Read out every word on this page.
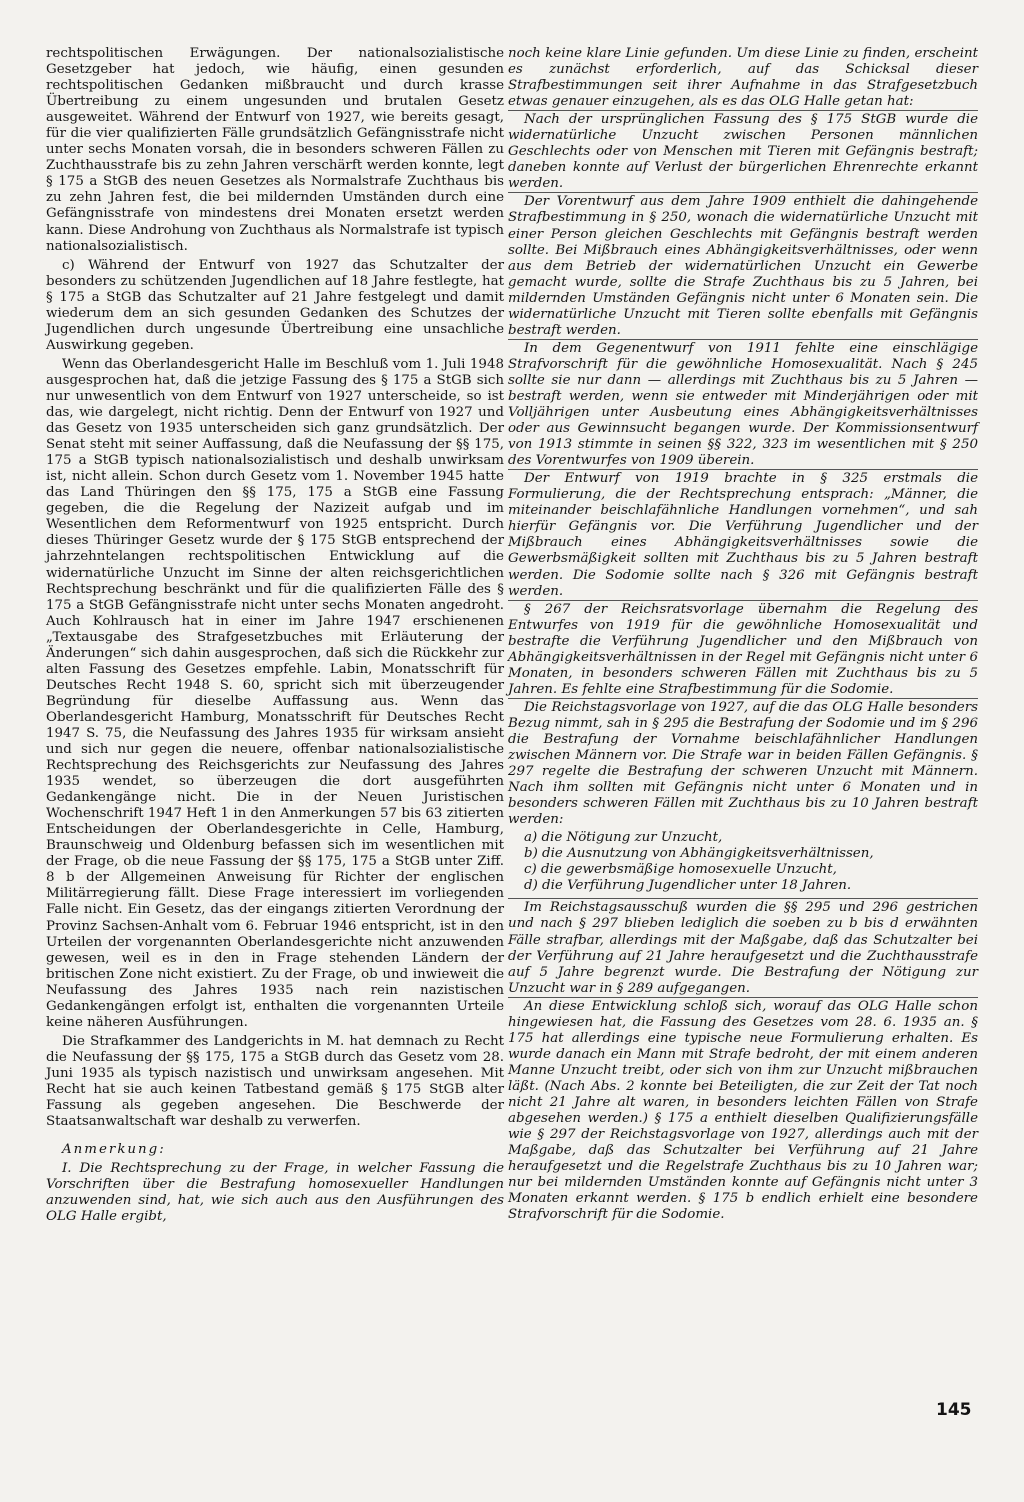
rechtspolitischen Erwägungen. Der nationalsozialistische Gesetzgeber hat jedoch, wie häufig, einen gesunden rechtspolitischen Gedanken mißbraucht und durch krasse Übertreibung zu einem ungesunden und brutalen Gesetz ausgeweitet. Während der Entwurf von 1927, wie bereits gesagt, für die vier qualifizierten Fälle grundsätzlich Gefängnisstrafe nicht unter sechs Monaten vorsah, die in besonders schweren Fällen zu Zuchthausstrafe bis zu zehn Jahren verschärft werden konnte, legt § 175 a StGB des neuen Gesetzes als Normalstrafe Zuchthaus bis zu zehn Jahren fest, die bei mildernden Umständen durch eine Gefängnisstrafe von mindestens drei Monaten ersetzt werden kann. Diese Androhung von Zuchthaus als Normalstrafe ist typisch nationalsozialistisch.

c) Während der Entwurf von 1927 das Schutzalter der besonders zu schützenden Jugendlichen auf 18 Jahre festlegte, hat § 175 a StGB das Schutzalter auf 21 Jahre festgelegt und damit wiederum dem an sich gesunden Gedanken des Schutzes der Jugendlichen durch ungesunde Übertreibung eine unsachliche Auswirkung gegeben.

Wenn das Oberlandesgericht Halle im Beschluß vom 1. Juli 1948 ausgesprochen hat, daß die jetzige Fassung des § 175 a StGB sich nur unwesentlich von dem Entwurf von 1927 unterscheide, so ist das, wie dargelegt, nicht richtig. Denn der Entwurf von 1927 und das Gesetz von 1935 unterscheiden sich ganz grundsätzlich. Der Senat steht mit seiner Auffassung, daß die Neufassung der §§ 175, 175 a StGB typisch nationalsozialistisch und deshalb unwirksam ist, nicht allein. Schon durch Gesetz vom 1. November 1945 hatte das Land Thüringen den §§ 175, 175 a StGB eine Fassung gegeben, die die Regelung der Nazizeit aufgab und im Wesentlichen dem Reformentwurf von 1925 entspricht. Durch dieses Thüringer Gesetz wurde der § 175 StGB entsprechend der jahrzehntelangen rechtspolitischen Entwicklung auf die widernatürliche Unzucht im Sinne der alten reichsgerichtlichen Rechtsprechung beschränkt und für die qualifizierten Fälle des § 175 a StGB Gefängnisstrafe nicht unter sechs Monaten angedroht. Auch Kohlrausch hat in einer im Jahre 1947 erschienenen „Textausgabe des Strafgesetzbuches mit Erläuterung der Änderungen“ sich dahin ausgesprochen, daß sich die Rückkehr zur alten Fassung des Gesetzes empfehle. Labin, Monatsschrift für Deutsches Recht 1948 S. 60, spricht sich mit überzeugender Begründung für dieselbe Auffassung aus. Wenn das Oberlandesgericht Hamburg, Monatsschrift für Deutsches Recht 1947 S. 75, die Neufassung des Jahres 1935 für wirksam ansieht und sich nur gegen die neuere, offenbar nationalsozialistische Rechtsprechung des Reichsgerichts zur Neufassung des Jahres 1935 wendet, so überzeugen die dort ausgeführten Gedankengänge nicht. Die in der Neuen Juristischen Wochenschrift 1947 Heft 1 in den Anmerkungen 57 bis 63 zitierten Entscheidungen der Oberlandesgerichte in Celle, Hamburg, Braunschweig und Oldenburg befassen sich im wesentlichen mit der Frage, ob die neue Fassung der §§ 175, 175 a StGB unter Ziff. 8 b der Allgemeinen Anweisung für Richter der englischen Militärregierung fällt. Diese Frage interessiert im vorliegenden Falle nicht. Ein Gesetz, das der eingangs zitierten Verordnung der Provinz Sachsen-Anhalt vom 6. Februar 1946 entspricht, ist in den Urteilen der vorgenannten Oberlandesgerichte nicht anzuwenden gewesen, weil es in den in Frage stehenden Ländern der britischen Zone nicht existiert. Zu der Frage, ob und inwieweit die Neufassung des Jahres 1935 nach rein nazistischen Gedankengängen erfolgt ist, enthalten die vorgenannten Urteile keine näheren Ausführungen.

Die Strafkammer des Landgerichts in M. hat demnach zu Recht die Neufassung der §§ 175, 175 a StGB durch das Gesetz vom 28. Juni 1935 als typisch nazistisch und unwirksam angesehen. Mit Recht hat sie auch keinen Tatbestand gemäß § 175 StGB alter Fassung als gegeben angesehen. Die Beschwerde der Staatsanwaltschaft war deshalb zu verwerfen.

Anmerkung:

I. Die Rechtsprechung zu der Frage, in welcher Fassung die Vorschriften über die Bestrafung homosexueller Handlungen anzuwenden sind, hat, wie sich auch aus den Ausführungen des OLG Halle ergibt,

noch keine klare Linie gefunden. Um diese Linie zu finden, erscheint es zunächst erforderlich, auf das Schicksal dieser Strafbestimmungen seit ihrer Aufnahme in das Strafgesetzbuch etwas genauer einzugehen, als es das OLG Halle getan hat:

Nach der ursprünglichen Fassung des § 175 StGB wurde die widernatürliche Unzucht zwischen Personen männlichen Geschlechts oder von Menschen mit Tieren mit Gefängnis bestraft; daneben konnte auf Verlust der bürgerlichen Ehrenrechte erkannt werden.

Der Vorentwurf aus dem Jahre 1909 enthielt die dahingehende Strafbestimmung in § 250, wonach die widernatürliche Unzucht mit einer Person gleichen Geschlechts mit Gefängnis bestraft werden sollte. Bei Mißbrauch eines Abhängigkeitsverhältnisses, oder wenn aus dem Betrieb der widernatürlichen Unzucht ein Gewerbe gemacht wurde, sollte die Strafe Zuchthaus bis zu 5 Jahren, bei mildernden Umständen Gefängnis nicht unter 6 Monaten sein. Die widernatürliche Unzucht mit Tieren sollte ebenfalls mit Gefängnis bestraft werden.

In dem Gegenentwurf von 1911 fehlte eine einschlägige Strafvorschrift für die gewöhnliche Homosexualität. Nach § 245 sollte sie nur dann — allerdings mit Zuchthaus bis zu 5 Jahren — bestraft werden, wenn sie entweder mit Minderjährigen oder mit Volljährigen unter Ausbeutung eines Abhängigkeitsverhältnisses oder aus Gewinnsucht begangen wurde. Der Kommissionsentwurf von 1913 stimmte in seinen §§ 322, 323 im wesentlichen mit § 250 des Vorentwurfes von 1909 überein.

Der Entwurf von 1919 brachte in § 325 erstmals die Formulierung, die der Rechtsprechung entsprach: „Männer, die miteinander beischlafähnliche Handlungen vornehmen“, und sah hierfür Gefängnis vor. Die Verführung Jugendlicher und der Mißbrauch eines Abhängigkeitsverhältnisses sowie die Gewerbsmäßigkeit sollten mit Zuchthaus bis zu 5 Jahren bestraft werden. Die Sodomie sollte nach § 326 mit Gefängnis bestraft werden.

§ 267 der Reichsratsvorlage übernahm die Regelung des Entwurfes von 1919 für die gewöhnliche Homosexualität und bestrafte die Verführung Jugendlicher und den Mißbrauch von Abhängigkeitsverhältnissen in der Regel mit Gefängnis nicht unter 6 Monaten, in besonders schweren Fällen mit Zuchthaus bis zu 5 Jahren. Es fehlte eine Strafbestimmung für die Sodomie.

Die Reichstagsvorlage von 1927, auf die das OLG Halle besonders Bezug nimmt, sah in § 295 die Bestrafung der Sodomie und im § 296 die Bestrafung der Vornahme beischlafähnlicher Handlungen zwischen Männern vor. Die Strafe war in beiden Fällen Gefängnis. § 297 regelte die Bestrafung der schweren Unzucht mit Männern. Nach ihm sollten mit Gefängnis nicht unter 6 Monaten und in besonders schweren Fällen mit Zuchthaus bis zu 10 Jahren bestraft werden:

a) die Nötigung zur Unzucht,
b) die Ausnutzung von Abhängigkeitsverhältnissen,
c) die gewerbsmäßige homosexuelle Unzucht,
d) die Verführung Jugendlicher unter 18 Jahren.

Im Reichstagsausschuß wurden die §§ 295 und 296 gestrichen und nach § 297 blieben lediglich die soeben zu b bis d erwähnten Fälle strafbar, allerdings mit der Maßgabe, daß das Schutzalter bei der Verführung auf 21 Jahre heraufgesetzt und die Zuchthausstrafe auf 5 Jahre begrenzt wurde. Die Bestrafung der Nötigung zur Unzucht war in § 289 aufgegangen.

An diese Entwicklung schloß sich, worauf das OLG Halle schon hingewiesen hat, die Fassung des Gesetzes vom 28. 6. 1935 an. § 175 hat allerdings eine typische neue Formulierung erhalten. Es wurde danach ein Mann mit Strafe bedroht, der mit einem anderen Manne Unzucht treibt, oder sich von ihm zur Unzucht mißbrauchen läßt. (Nach Abs. 2 konnte bei Beteiligten, die zur Zeit der Tat noch nicht 21 Jahre alt waren, in besonders leichten Fällen von Strafe abgesehen werden.) § 175 a enthielt dieselben Qualifizierungsfälle wie § 297 der Reichstagsvorlage von 1927, allerdings auch mit der Maßgabe, daß das Schutzalter bei Verführung auf 21 Jahre heraufgesetzt und die Regelstrafe Zuchthaus bis zu 10 Jahren war; nur bei mildernden Umständen konnte auf Gefängnis nicht unter 3 Monaten erkannt werden. § 175 b endlich erhielt eine besondere Strafvorschrift für die Sodomie.

145
